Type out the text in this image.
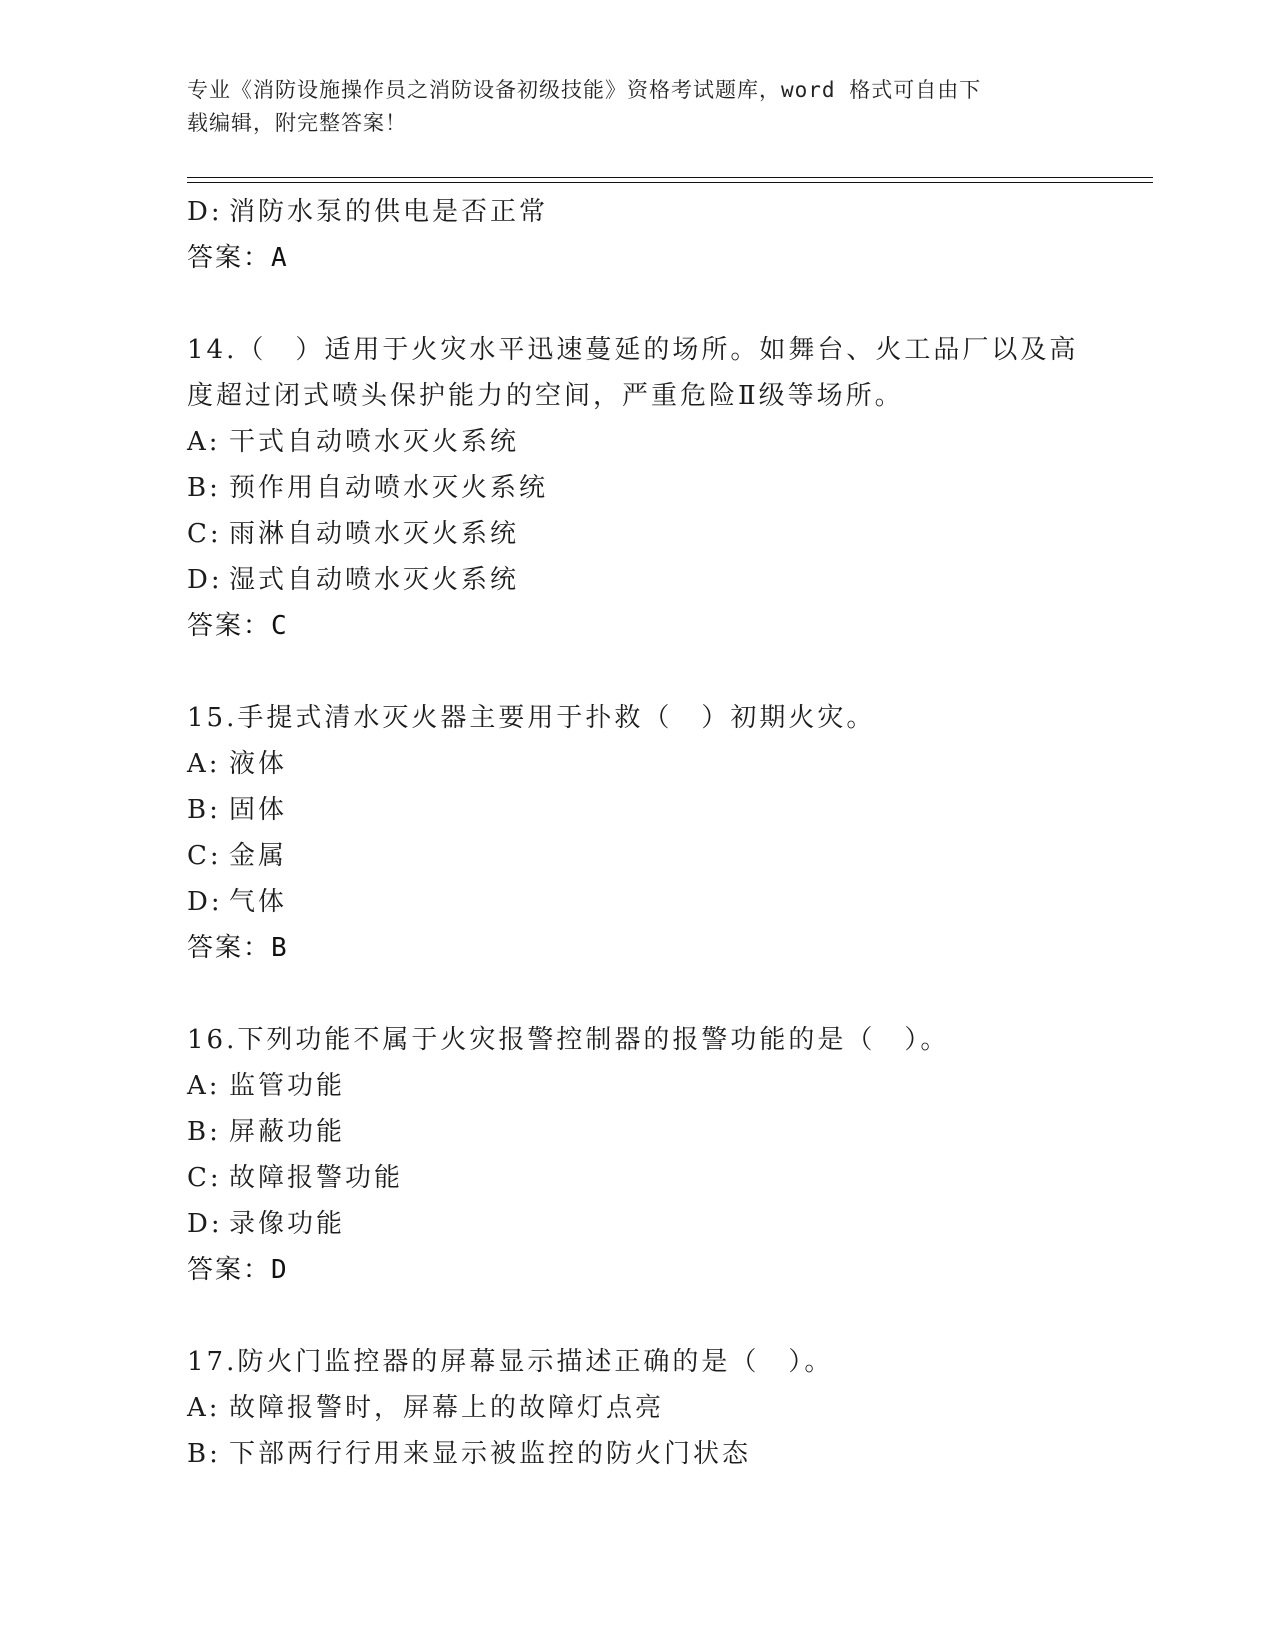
专业《消防设施操作员之消防设备初级技能》资格考试题库，word 格式可自由下
载编辑，附完整答案！
D: 消防水泵的供电是否正常
答案：A
14.（　）适用于火灾水平迅速蔓延的场所。如舞台、火工品厂以及高
度超过闭式喷头保护能力的空间，严重危险Ⅱ级等场所。
A: 干式自动喷水灭火系统
B: 预作用自动喷水灭火系统
C: 雨淋自动喷水灭火系统
D: 湿式自动喷水灭火系统
答案：C
15.手提式清水灭火器主要用于扑救（　）初期火灾。
A: 液体
B: 固体
C: 金属
D: 气体
答案：B
16.下列功能不属于火灾报警控制器的报警功能的是（　）。
A: 监管功能
B: 屏蔽功能
C: 故障报警功能
D: 录像功能
答案：D
17.防火门监控器的屏幕显示描述正确的是（　）。
A: 故障报警时，屏幕上的故障灯点亮
B: 下部两行行用来显示被监控的防火门状态
